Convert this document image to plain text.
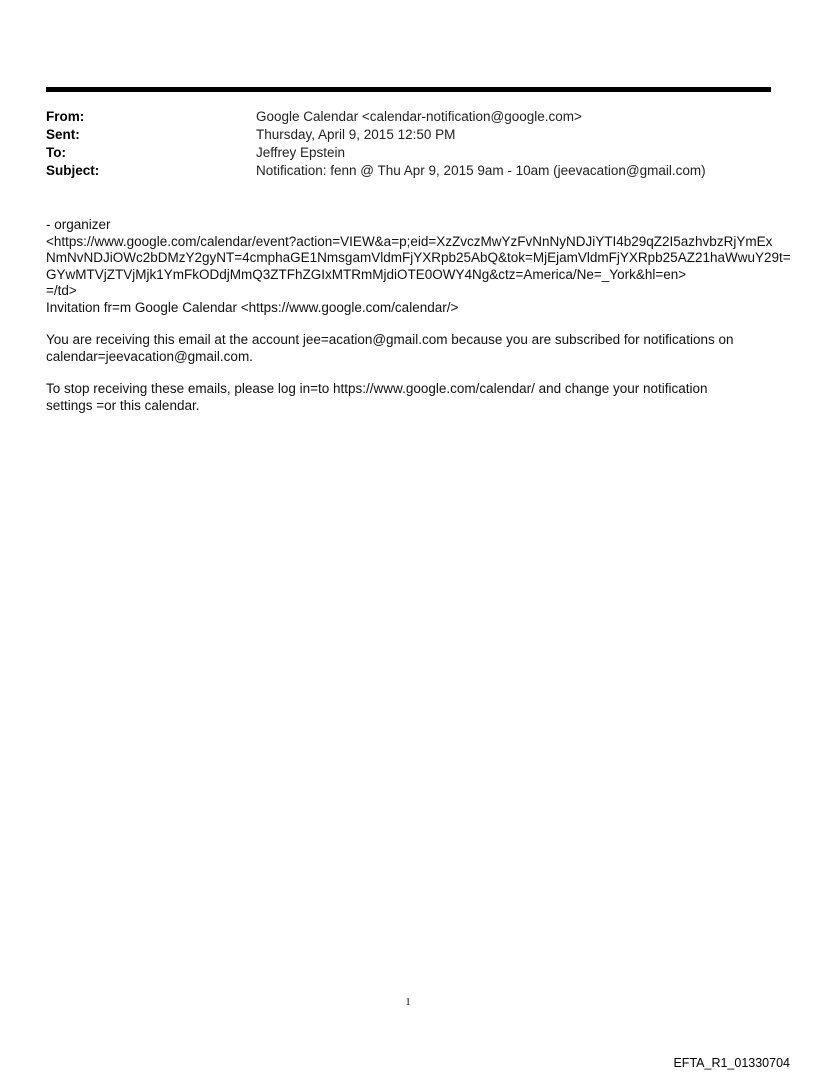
From:	Google Calendar <calendar-notification@google.com>
Sent:	Thursday, April 9, 2015 12:50 PM
To:	Jeffrey Epstein
Subject:	Notification: fenn @ Thu Apr 9, 2015 9am - 10am (jeevacation@gmail.com)
- organizer
<https://www.google.com/calendar/event?action=VIEW&a=p;eid=XzZvczMwYzFvNnNyNDJiYTI4b29qZ2I5azhvbzRjYmEx
NmNvNDJiOWc2bDMzY2gyNT=4cmphaGE1NmsgamVldmFjYXRpb25AbQ&tok=MjEjamVldmFjYXRpb25AZ21haWwuY29t=
GYwMTVjZTVjMjk1YmFkODdjMmQ3ZTFhZGIxMTRmMjdiOTE0OWY4Ng&ctz=America/Ne=_York&hl=en>
=/td>
Invitation fr=m Google Calendar <https://www.google.com/calendar/>
You are receiving this email at the account jee=acation@gmail.com because you are subscribed for notifications on
calendar=jeevacation@gmail.com.
To stop receiving these emails, please log in=to https://www.google.com/calendar/ and change your notification
settings =or this calendar.
1
EFTA_R1_01330704
